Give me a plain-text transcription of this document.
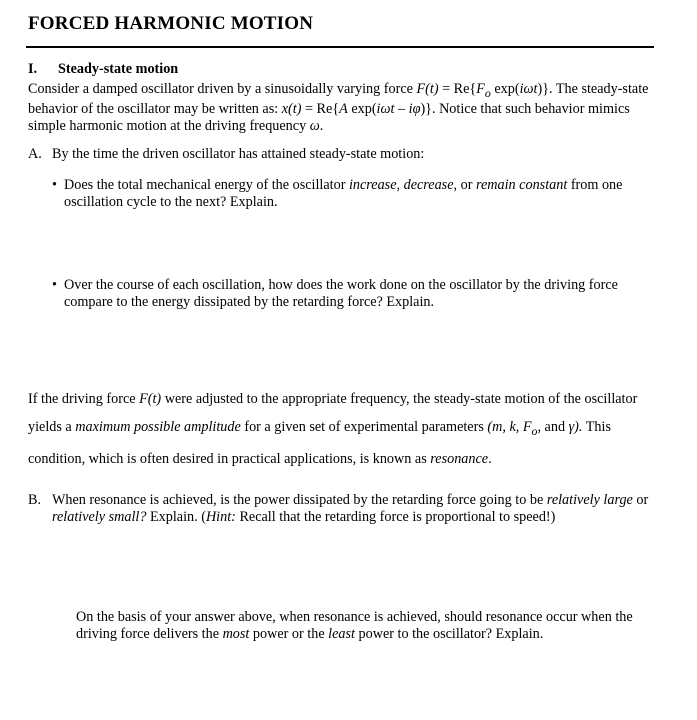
FORCED HARMONIC MOTION
I. Steady-state motion
Consider a damped oscillator driven by a sinusoidally varying force $F(t) = Re\{F_o$ exp(iωt)}. The steady-state behavior of the oscillator may be written as: x(t) = Re{A exp(iωt – iφ)}. Notice that such behavior mimics simple harmonic motion at the driving frequency ω.
A. By the time the driven oscillator has attained steady-state motion:
• Does the total mechanical energy of the oscillator increase, decrease, or remain constant from one oscillation cycle to the next? Explain.
• Over the course of each oscillation, how does the work done on the oscillator by the driving force compare to the energy dissipated by the retarding force? Explain.
If the driving force F(t) were adjusted to the appropriate frequency, the steady-state motion of the oscillator yields a maximum possible amplitude for a given set of experimental parameters (m, k, $F_o$, and γ). This condition, which is often desired in practical applications, is known as resonance.
B. When resonance is achieved, is the power dissipated by the retarding force going to be relatively large or relatively small? Explain. (Hint: Recall that the retarding force is proportional to speed!)
On the basis of your answer above, when resonance is achieved, should resonance occur when the driving force delivers the most power or the least power to the oscillator? Explain.
